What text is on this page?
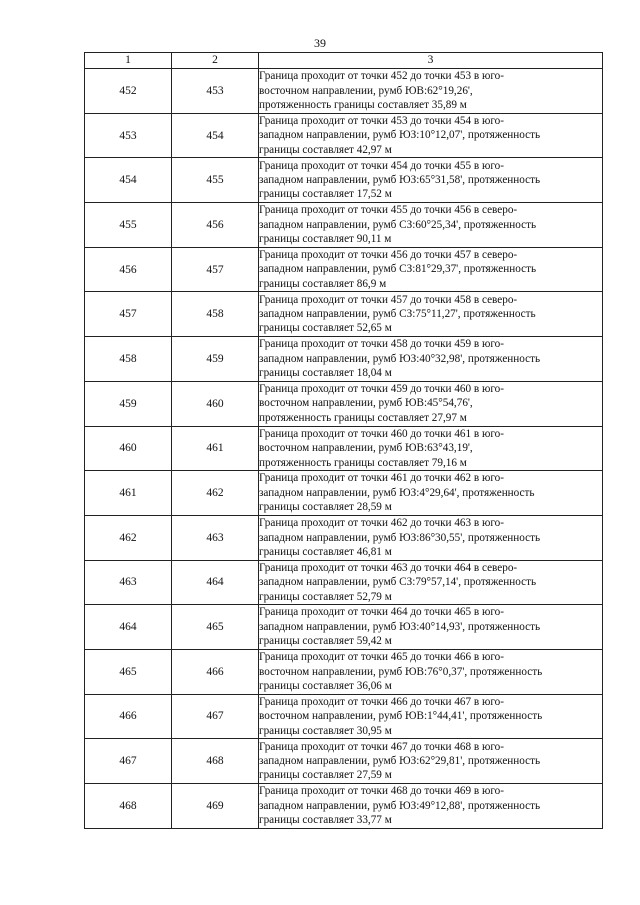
39
1	2	3
452	453	Граница проходит от точки 452 до точки 453 в юго-
восточном направлении, румб ЮВ:62°19,26',
протяженность границы составляет 35,89 м

453	454	Граница проходит от точки 453 до точки 454 в юго-
западном направлении, румб ЮЗ:10°12,07', протяженность
границы составляет 42,97 м

454	455	Граница проходит от точки 454 до точки 455 в юго-
западном направлении, румб ЮЗ:65°31,58', протяженность
границы составляет 17,52 м

455	456	Граница проходит от точки 455 до точки 456 в северо-
западном направлении, румб СЗ:60°25,34', протяженность
границы составляет 90,11 м

456	457	Граница проходит от точки 456 до точки 457 в северо-
западном направлении, румб СЗ:81°29,37', протяженность
границы составляет 86,9 м

457	458	Граница проходит от точки 457 до точки 458 в северо-
западном направлении, румб СЗ:75°11,27', протяженность
границы составляет 52,65 м

458	459	Граница проходит от точки 458 до точки 459 в юго-
западном направлении, румб ЮЗ:40°32,98', протяженность
границы составляет 18,04 м

459	460	Граница проходит от точки 459 до точки 460 в юго-
восточном направлении, румб ЮВ:45°54,76',
протяженность границы составляет 27,97 м

460	461	Граница проходит от точки 460 до точки 461 в юго-
восточном направлении, румб ЮВ:63°43,19',
протяженность границы составляет 79,16 м

461	462	Граница проходит от точки 461 до точки 462 в юго-
западном направлении, румб ЮЗ:4°29,64', протяженность
границы составляет 28,59 м

462	463	Граница проходит от точки 462 до точки 463 в юго-
западном направлении, румб ЮЗ:86°30,55', протяженность
границы составляет 46,81 м

463	464	Граница проходит от точки 463 до точки 464 в северо-
западном направлении, румб СЗ:79°57,14', протяженность
границы составляет 52,79 м

464	465	Граница проходит от точки 464 до точки 465 в юго-
западном направлении, румб ЮЗ:40°14,93', протяженность
границы составляет 59,42 м

465	466	Граница проходит от точки 465 до точки 466 в юго-
восточном направлении, румб ЮВ:76°0,37', протяженность
границы составляет 36,06 м

466	467	Граница проходит от точки 466 до точки 467 в юго-
восточном направлении, румб ЮВ:1°44,41', протяженность
границы составляет 30,95 м

467	468	Граница проходит от точки 467 до точки 468 в юго-
западном направлении, румб ЮЗ:62°29,81', протяженность
границы составляет 27,59 м

468	469	Граница проходит от точки 468 до точки 469 в юго-
западном направлении, румб ЮЗ:49°12,88', протяженность
границы составляет 33,77 м
